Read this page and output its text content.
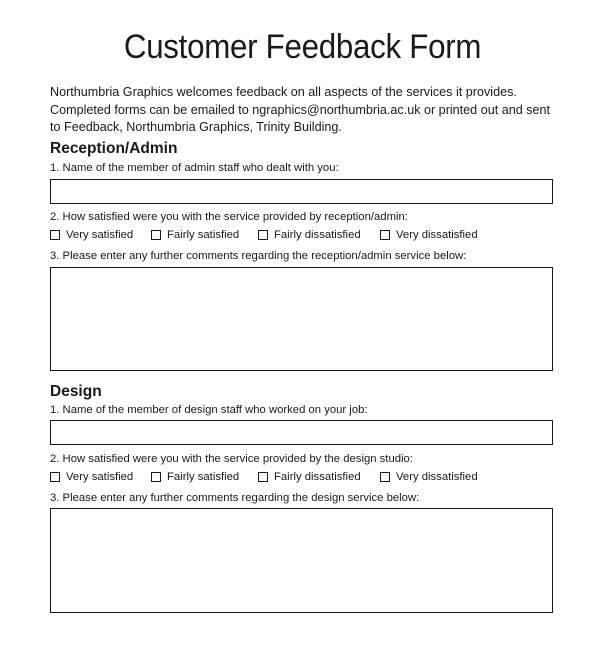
Customer Feedback Form
Northumbria Graphics welcomes feedback on all aspects of the services it provides.
Completed forms can be emailed to ngraphics@northumbria.ac.uk or printed out and sent
to Feedback, Northumbria Graphics, Trinity Building.
Reception/Admin
1. Name of the member of admin staff who dealt with you:
2. How satisfied were you with the service provided by reception/admin:
Very satisfied	Fairly satisfied	Fairly dissatisfied	Very dissatisfied
3. Please enter any further comments regarding the reception/admin service below:
Design
1. Name of the member of design staff who worked on your job:
2. How satisfied were you with the service provided by the design studio:
Very satisfied	Fairly satisfied	Fairly dissatisfied	Very dissatisfied
3. Please enter any further comments regarding the design service below:
